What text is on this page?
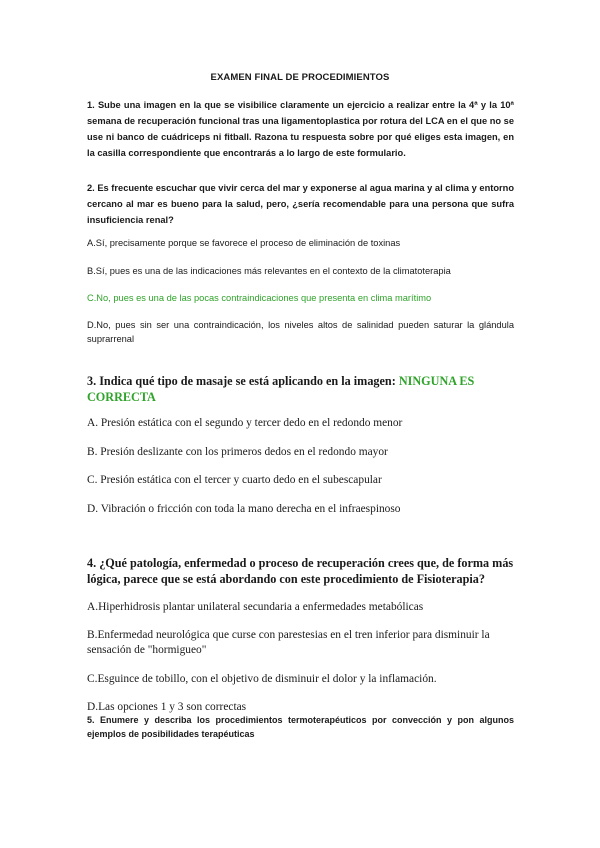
EXAMEN FINAL DE PROCEDIMIENTOS

1. Sube una imagen en la que se visibilice claramente un ejercicio a realizar entre la 4ª y la 10ª semana de recuperación funcional tras una ligamentoplastica por rotura del LCA en el que no se use ni banco de cuádriceps ni fitball. Razona tu respuesta sobre por qué eliges esta imagen, en la casilla correspondiente que encontrarás a lo largo de este formulario.

2. Es frecuente escuchar que vivir cerca del mar y exponerse al agua marina y al clima y entorno cercano al mar es bueno para la salud, pero, ¿sería recomendable para una persona que sufra insuficiencia renal?

A.Sí, precisamente porque se favorece el proceso de eliminación de toxinas

B.Sí, pues es una de las indicaciones más relevantes en el contexto de la climatoterapia

C.No, pues es una de las pocas contraindicaciones que presenta en clima marítimo

D.No, pues sin ser una contraindicación, los niveles altos de salinidad pueden saturar la glándula suprarrenal

3. Indica qué tipo de masaje se está aplicando en la imagen: NINGUNA ES CORRECTA

A. Presión estática con el segundo y tercer dedo en el redondo menor

B. Presión deslizante con los primeros dedos en el redondo mayor

C. Presión estática con el tercer y cuarto dedo en el subescapular

D. Vibración o fricción con toda la mano derecha en el infraespinoso

4. ¿Qué patología, enfermedad o proceso de recuperación crees que, de forma más lógica, parece que se está abordando con este procedimiento de Fisioterapia?

A.Hiperhidrosis plantar unilateral secundaria a enfermedades metabólicas

B.Enfermedad neurológica que curse con parestesias en el tren inferior para disminuir la sensación de "hormigueo"

C.Esguince de tobillo, con el objetivo de disminuir el dolor y la inflamación.

D.Las opciones 1 y 3 son correctas

5. Enumere y describa los procedimientos termoterapéuticos por convección y pon algunos ejemplos de posibilidades terapéuticas
